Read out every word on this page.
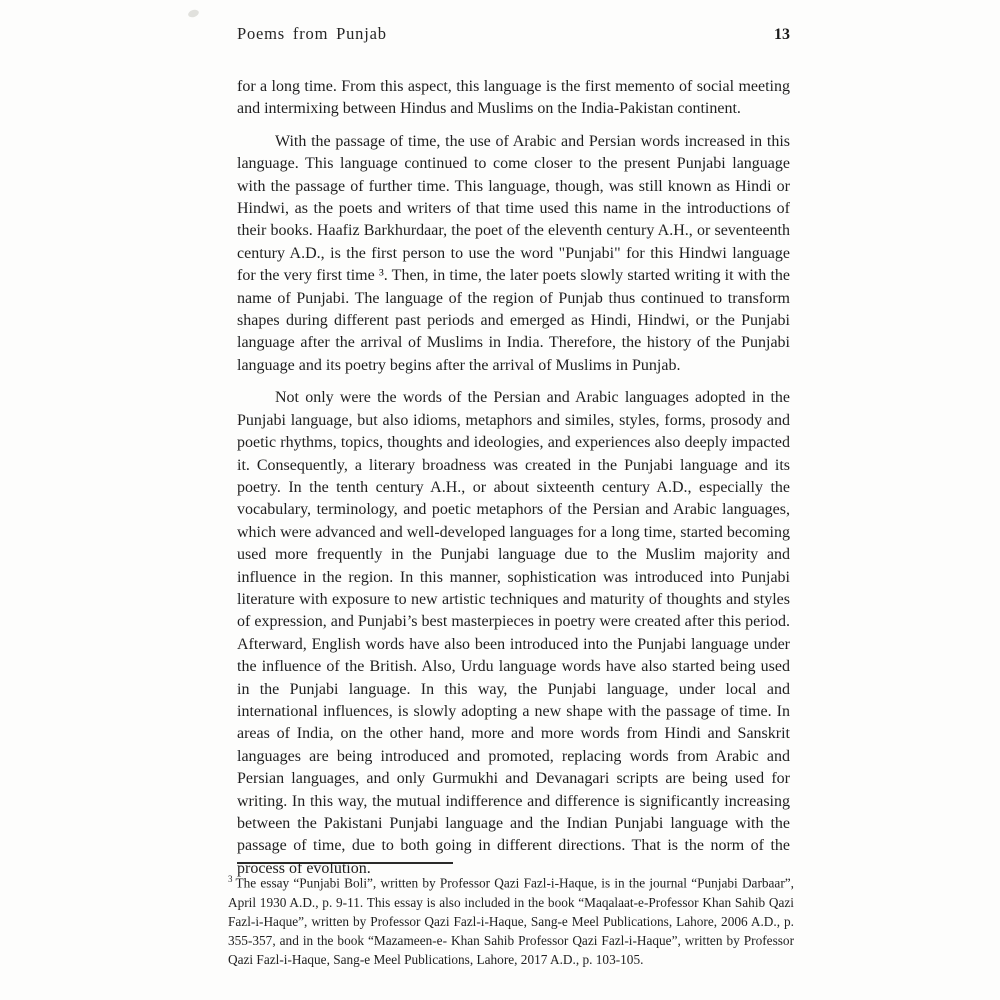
Poems from Punjab	13

for a long time. From this aspect, this language is the first memento of social meeting and intermixing between Hindus and Muslims on the India-Pakistan continent.

With the passage of time, the use of Arabic and Persian words increased in this language. This language continued to come closer to the present Punjabi language with the passage of further time. This language, though, was still known as Hindi or Hindwi, as the poets and writers of that time used this name in the introductions of their books. Haafiz Barkhurdaar, the poet of the eleventh century A.H., or seventeenth century A.D., is the first person to use the word "Punjabi" for this Hindwi language for the very first time ³. Then, in time, the later poets slowly started writing it with the name of Punjabi. The language of the region of Punjab thus continued to transform shapes during different past periods and emerged as Hindi, Hindwi, or the Punjabi language after the arrival of Muslims in India. Therefore, the history of the Punjabi language and its poetry begins after the arrival of Muslims in Punjab.

Not only were the words of the Persian and Arabic languages adopted in the Punjabi language, but also idioms, metaphors and similes, styles, forms, prosody and poetic rhythms, topics, thoughts and ideologies, and experiences also deeply impacted it. Consequently, a literary broadness was created in the Punjabi language and its poetry. In the tenth century A.H., or about sixteenth century A.D., especially the vocabulary, terminology, and poetic metaphors of the Persian and Arabic languages, which were advanced and well-developed languages for a long time, started becoming used more frequently in the Punjabi language due to the Muslim majority and influence in the region. In this manner, sophistication was introduced into Punjabi literature with exposure to new artistic techniques and maturity of thoughts and styles of expression, and Punjabi’s best masterpieces in poetry were created after this period. Afterward, English words have also been introduced into the Punjabi language under the influence of the British. Also, Urdu language words have also started being used in the Punjabi language. In this way, the Punjabi language, under local and international influences, is slowly adopting a new shape with the passage of time. In areas of India, on the other hand, more and more words from Hindi and Sanskrit languages are being introduced and promoted, replacing words from Arabic and Persian languages, and only Gurmukhi and Devanagari scripts are being used for writing. In this way, the mutual indifference and difference is significantly increasing between the Pakistani Punjabi language and the Indian Punjabi language with the passage of time, due to both going in different directions. That is the norm of the process of evolution.

$^3$ The essay “Punjabi Boli”, written by Professor Qazi Fazl-i-Haque, is in the journal “Punjabi Darbaar”, April 1930 A.D., p. 9-11. This essay is also included in the book “Maqalaat-e-Professor Khan Sahib Qazi Fazl-i-Haque”, written by Professor Qazi Fazl-i-Haque, Sang-e Meel Publications, Lahore, 2006 A.D., p. 355-357, and in the book “Mazameen-e- Khan Sahib Professor Qazi Fazl-i-Haque”, written by Professor Qazi Fazl-i-Haque, Sang-e Meel Publications, Lahore, 2017 A.D., p. 103-105.
